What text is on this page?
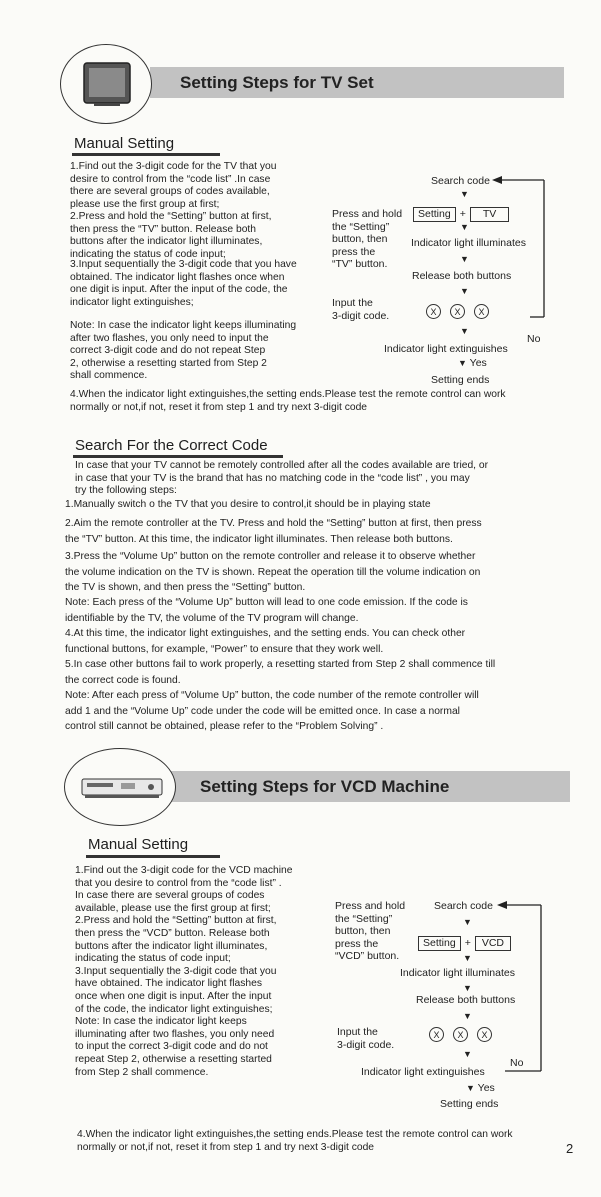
Setting Steps for TV Set
Manual Setting
1.Find out the 3-digit code for the TV that you
desire to control from the “code list” .In case
there are several groups of codes available,
please use the first group at first;
2.Press and hold the “Setting” button at first,
then press the “TV” button. Release both
buttons after the indicator light illuminates,
indicating the status of code input;
3.Input sequentially the 3-digit code that you have
obtained. The indicator light flashes once when
one digit is input. After the input of the code, the
indicator light extinguishes;
Note: In case the indicator light keeps illuminating
after two flashes, you only need to input the
correct 3-digit code and do not repeat Step
2, otherwise a resetting started from Step 2
shall commence.
4.When the indicator light extinguishes,the setting ends.Please test the remote control can work
normally or not,if not, reset it from step 1 and try next 3-digit code
Search code
▼
Press and hold
the “Setting”
button, then
press the
“TV” button.
Setting +	TV
▼
Indicator light illuminates
▼
Release both buttons
▼
Input the
3-digit code.	X	X	X
▼
No
Indicator light extinguishes
▼ Yes
Setting ends
Search For the Correct Code
In case that your TV cannot be remotely controlled after all the codes available are tried, or
in case that your TV is the brand that has no matching code in the “code list” , you may
try the following steps:
1.Manually switch o the TV that you desire to control,it should be in playing state
2.Aim the remote controller at the TV. Press and hold the “Setting” button at first, then press
the “TV” button. At this time, the indicator light illuminates. Then release both buttons.
3.Press the “Volume Up” button on the remote controller and release it to observe whether
the volume indication on the TV is shown. Repeat the operation till the volume indication on
the TV is shown, and then press the “Setting” button.
Note: Each press of the “Volume Up” button will lead to one code emission. If the code is
identifiable by the TV, the volume of the TV program will change.
4.At this time, the indicator light extinguishes, and the setting ends. You can check other
functional buttons, for example, “Power” to ensure that they work well.
5.In case other buttons fail to work properly, a resetting started from Step 2 shall commence till
the correct code is found.
Note: After each press of “Volume Up” button, the code number of the remote controller will
add 1 and the “Volume Up” code under the code will be emitted once. In case a normal
control still cannot be obtained, please refer to the “Problem Solving” .
Setting Steps for VCD Machine
Manual Setting
1.Find out the 3-digit code for the VCD machine
that you desire to control from the “code list” .
In case there are several groups of codes
available, please use the first group at first;
2.Press and hold the “Setting” button at first,
then press the “VCD” button. Release both
buttons after the indicator light illuminates,
indicating the status of code input;
3.Input sequentially the 3-digit code that you
have obtained. The indicator light flashes
once when one digit is input. After the input
of the code, the indicator light extinguishes;
Note: In case the indicator light keeps
illuminating after two flashes, you only need
to input the correct 3-digit code and do not
repeat Step 2, otherwise a resetting started
from Step 2 shall commence.
4.When the indicator light extinguishes,the setting ends.Please test the remote control can work
normally or not,if not, reset it from step 1 and try next 3-digit code
Press and hold
the “Setting”
button, then
press the
“VCD” button.
Search code
▼
Setting +	VCD
▼
Indicator light illuminates
▼
Release both buttons
▼
Input the
3-digit code.
X	X	X
▼
No
Indicator light extinguishes
▼ Yes
Setting ends
2
